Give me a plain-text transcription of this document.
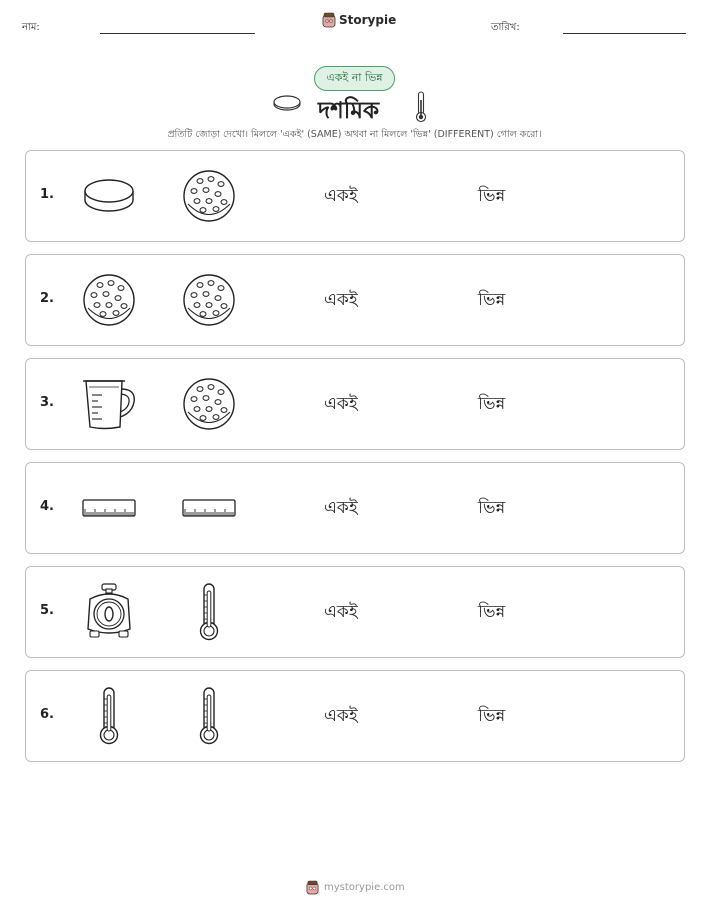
নাম:
Storypie
তারিখ:
একই না ভিন্ন
দশমিক
প্রতিটি জোড়া দেখো। মিললে 'একই' (SAME) অথবা না মিললে 'ভিন্ন' (DIFFERENT) গোল করো।
1.	একই	ভিন্ন
2.	একই	ভিন্ন
3.	একই	ভিন্ন
4.	একই	ভিন্ন
5.	একই	ভিন্ন
6.	একই	ভিন্ন
mystorypie.com
